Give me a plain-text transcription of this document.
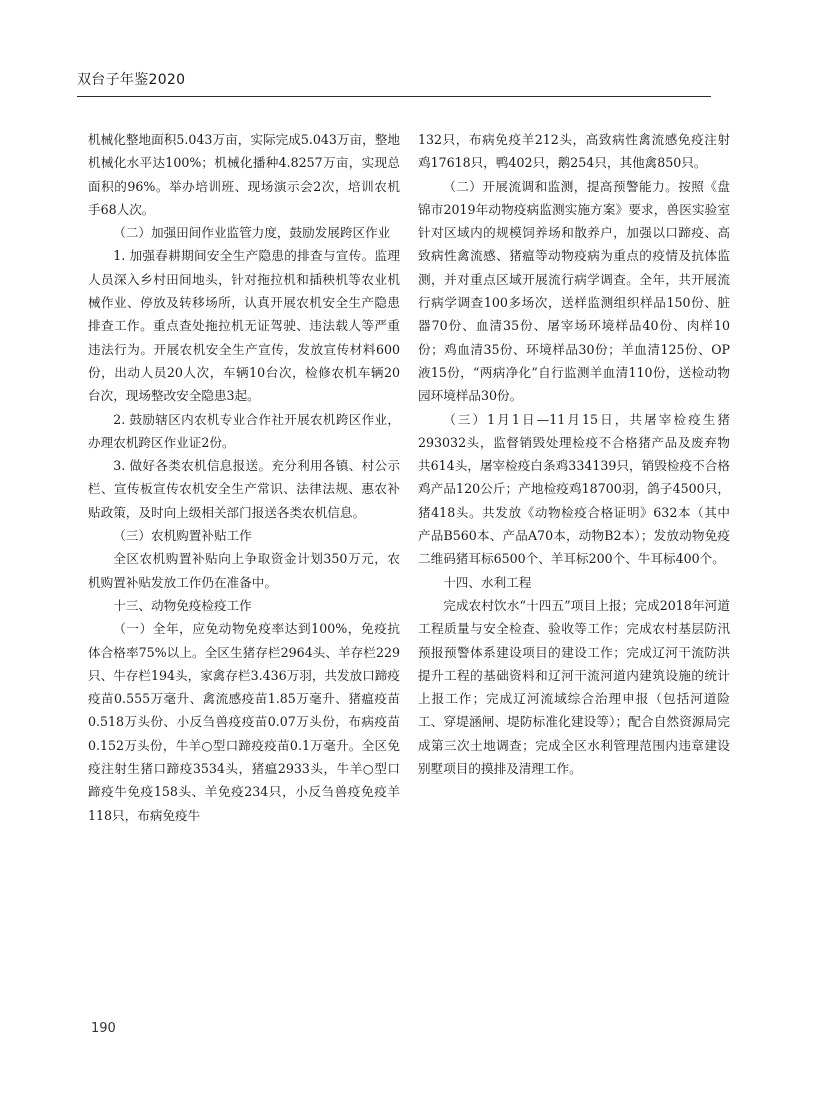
双台子年鉴2020

机械化整地面积5.043万亩，实际完成5.043万亩，整地机械化水平达100%；机械化播种4.8257万亩，实现总面积的96%。举办培训班、现场演示会2次，培训农机手68人次。

（二）加强田间作业监管力度，鼓励发展跨区作业

1. 加强春耕期间安全生产隐患的排查与宣传。监理人员深入乡村田间地头，针对拖拉机和插秧机等农业机械作业、停放及转移场所，认真开展农机安全生产隐患排查工作。重点查处拖拉机无证驾驶、违法载人等严重违法行为。开展农机安全生产宣传，发放宣传材料600份，出动人员20人次，车辆10台次，检修农机车辆20台次，现场整改安全隐患3起。

2. 鼓励辖区内农机专业合作社开展农机跨区作业，办理农机跨区作业证2份。

3. 做好各类农机信息报送。充分利用各镇、村公示栏、宣传板宣传农机安全生产常识、法律法规、惠农补贴政策，及时向上级相关部门报送各类农机信息。

（三）农机购置补贴工作

全区农机购置补贴向上争取资金计划350万元，农机购置补贴发放工作仍在准备中。

十三、动物免疫检疫工作

（一）全年，应免动物免疫率达到100%，免疫抗体合格率75%以上。全区生猪存栏2964头、羊存栏229只、牛存栏194头，家禽存栏3.436万羽，共发放口蹄疫疫苗0.555万毫升、禽流感疫苗1.85万毫升、猪瘟疫苗0.518万头份、小反刍兽疫疫苗0.07万头份，布病疫苗0.152万头份，牛羊○型口蹄疫疫苗0.1万毫升。全区免疫注射生猪口蹄疫3534头，猪瘟2933头，牛羊○型口蹄疫牛免疫158头、羊免疫234只，小反刍兽疫免疫羊118只，布病免疫牛

132只，布病免疫羊212头，高致病性禽流感免疫注射鸡17618只，鸭402只，鹅254只，其他禽850只。

（二）开展流调和监测，提高预警能力。按照《盘锦市2019年动物疫病监测实施方案》要求，兽医实验室针对区域内的规模饲养场和散养户，加强以口蹄疫、高致病性禽流感、猪瘟等动物疫病为重点的疫情及抗体监测，并对重点区域开展流行病学调查。全年，共开展流行病学调查100多场次，送样监测组织样品150份、脏器70份、血清35份、屠宰场环境样品40份、肉样10份；鸡血清35份、环境样品30份；羊血清125份、OP液15份，“两病净化”自行监测羊血清110份，送检动物园环境样品30份。

（三）1月1日—11月15日，共屠宰检疫生猪293032头，监督销毁处理检疫不合格猪产品及废弃物共614头，屠宰检疫白条鸡334139只，销毁检疫不合格鸡产品120公斤；产地检疫鸡18700羽，鸽子4500只，猪418头。共发放《动物检疫合格证明》632本（其中产品B560本、产品A70本，动物B2本）；发放动物免疫二维码猪耳标6500个、羊耳标200个、牛耳标400个。

十四、水利工程

完成农村饮水“十四五”项目上报；完成2018年河道工程质量与安全检查、验收等工作；完成农村基层防汛预报预警体系建设项目的建设工作；完成辽河干流防洪提升工程的基础资料和辽河干流河道内建筑设施的统计上报工作；完成辽河流域综合治理申报（包括河道险工、穿堤涵闸、堤防标准化建设等）；配合自然资源局完成第三次土地调查；完成全区水利管理范围内违章建设别墅项目的摸排及清理工作。

190
